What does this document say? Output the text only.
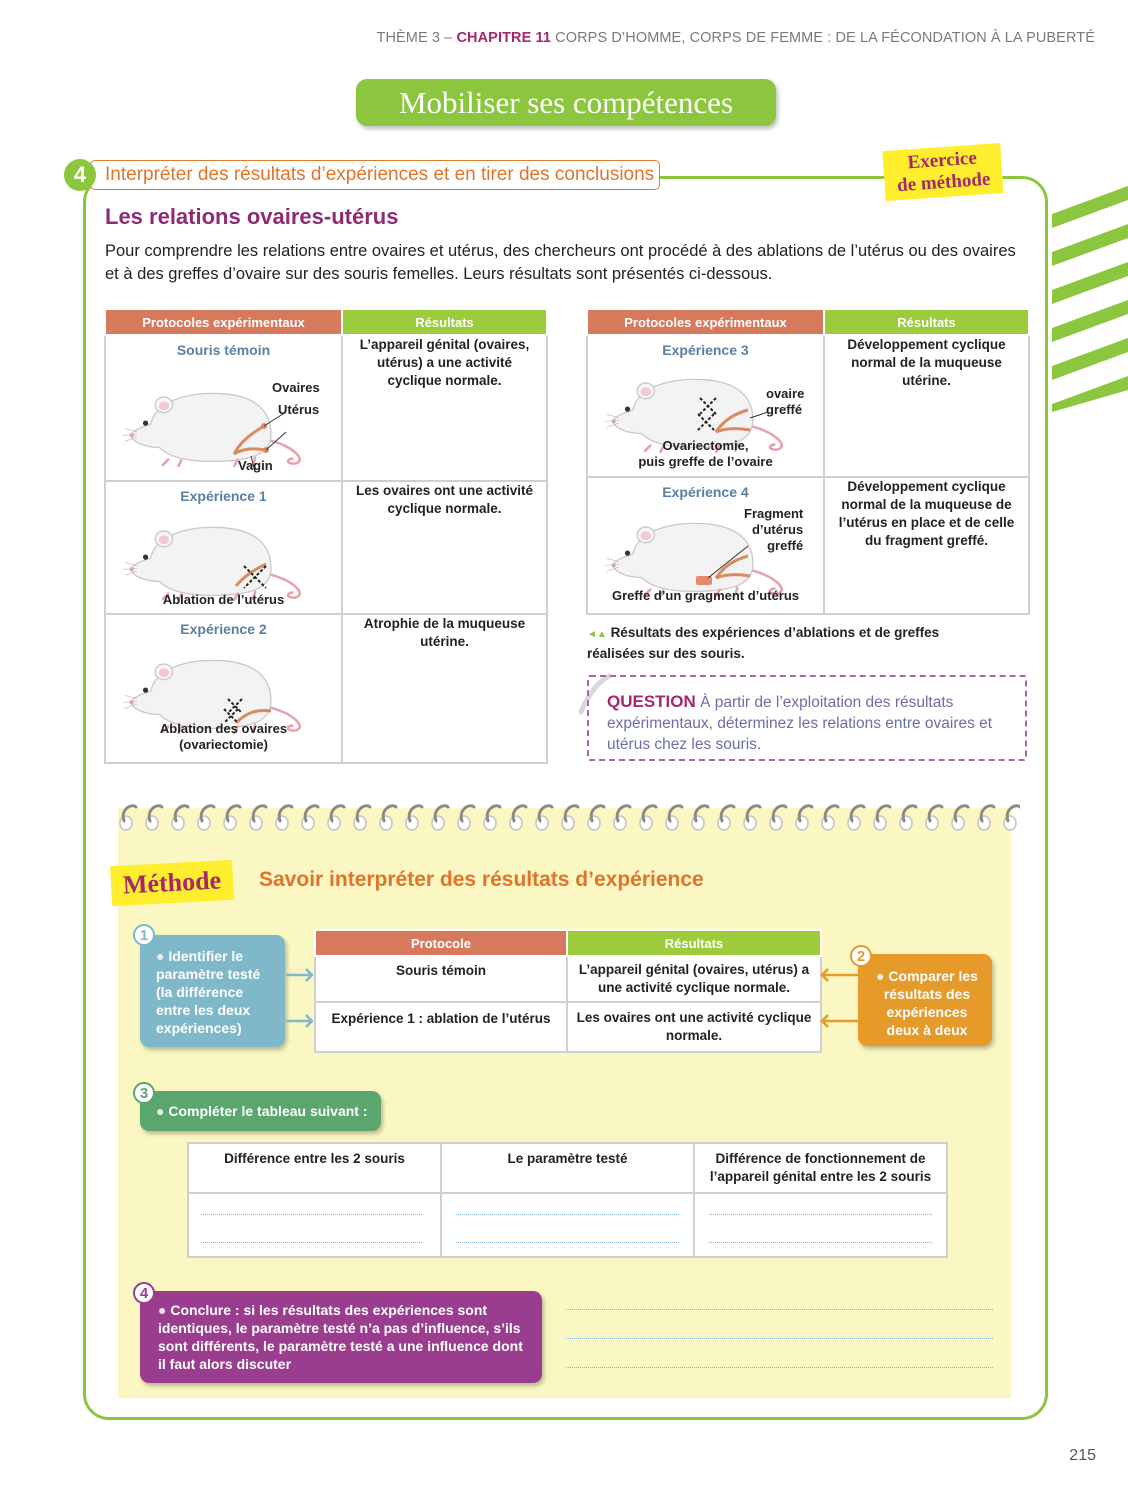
THÈME 3 – CHAPITRE 11 CORPS D’HOMME, CORPS DE FEMME : DE LA FÉCONDATION À LA PUBERTÉ
Mobiliser ses compétences
4 Interpréter des résultats d’expériences et en tirer des conclusions
Exercice
de méthode
Les relations ovaires-utérus
Pour comprendre les relations entre ovaires et utérus, des chercheurs ont procédé à des ablations de l’utérus ou des ovaires et à des greffes d’ovaire sur des souris femelles. Leurs résultats sont présentés ci-dessous.
Protocoles expérimentaux	Résultats

Souris témoin
Ovaires
Utérus
Vagin	L’appareil génital (ovaires, utérus) a une activité cyclique normale.

Expérience 1
Ablation de l’utérus	Les ovaires ont une activité cyclique normale.

Expérience 2
Ablation des ovaires
(ovariectomie)	Atrophie de la muqueuse utérine.
Protocoles expérimentaux	Résultats

Expérience 3
ovaire
greffé
Ovariectomie,
puis greffe de l’ovaire	Développement cyclique normal de la muqueuse utérine.

Expérience 4
Fragment
d’utérus
greffé
Greffe d’un gragment d’utérus	Développement cyclique normal de la muqueuse de l’utérus en place et de celle du fragment greffé.
◄▲ Résultats des expériences d’ablations et de greffes
réalisées sur des souris.
QUESTION À partir de l’exploitation des résultats expérimentaux, déterminez les relations entre ovaires et utérus chez les souris.
Méthode	Savoir interpréter des résultats d’expérience
1
● Identifier le paramètre testé (la différence entre les deux expériences)
Protocole	Résultats
Souris témoin	L’appareil génital (ovaires, utérus) a une activité cyclique normale.
Expérience 1 : ablation de l’utérus	Les ovaires ont une activité cyclique normale.
2
● Comparer les résultats des expériences deux à deux
3
● Compléter le tableau suivant :
Différence entre les 2 souris	Le paramètre testé	Différence de fonctionnement de l’appareil génital entre les 2 souris

4
● Conclure : si les résultats des expériences sont identiques, le paramètre testé n’a pas d’influence, s’ils sont différents, le paramètre testé a une influence dont il faut alors discuter
215
